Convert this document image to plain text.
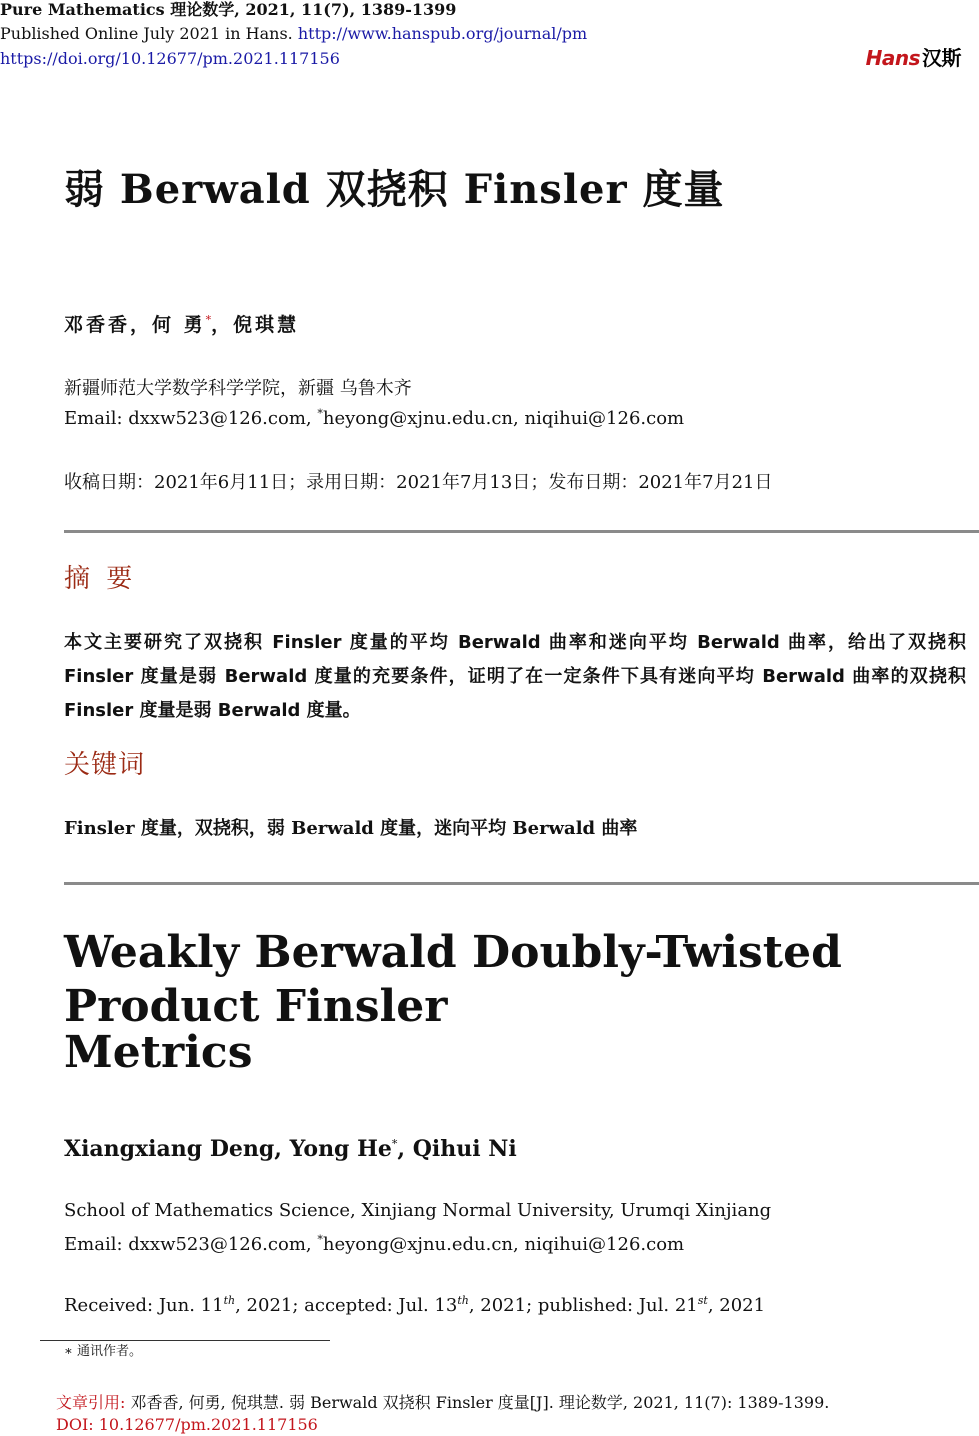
Pure Mathematics 理论数学, 2021, 11(7), 1389-1399
Published Online July 2021 in Hans. http://www.hanspub.org/journal/pm
https://doi.org/10.12677/pm.2021.117156	Hans 汉斯
弱 Berwald 双挠积 Finsler 度量
邓香香，何 勇*，倪琪慧
新疆师范大学数学科学学院，新疆 乌鲁木齐
Email: dxxw523@126.com, *heyong@xjnu.edu.cn, niqihui@126.com
收稿日期：2021年6月11日；录用日期：2021年7月13日；发布日期：2021年7月21日
摘 要
本文主要研究了双挠积 Finsler 度量的平均 Berwald 曲率和迷向平均 Berwald 曲率，给出了双挠积 Finsler 度量是弱 Berwald 度量的充要条件，证明了在一定条件下具有迷向平均 Berwald 曲率的双挠积 Finsler 度量是弱 Berwald 度量。
关键词
Finsler 度量，双挠积，弱 Berwald 度量，迷向平均 Berwald 曲率
Weakly Berwald Doubly-Twisted
Product Finsler
Metrics
Xiangxiang Deng, Yong He*, Qihui Ni
School of Mathematics Science, Xinjiang Normal University, Urumqi Xinjiang
Email: dxxw523@126.com, *heyong@xjnu.edu.cn, niqihui@126.com
Received: Jun. 11th, 2021; accepted: Jul. 13th, 2021; published: Jul. 21st, 2021
∗ 通讯作者。
文章引用: 邓香香, 何勇, 倪琪慧. 弱 Berwald 双挠积 Finsler 度量[J]. 理论数学, 2021, 11(7): 1389-1399.
DOI: 10.12677/pm.2021.117156
